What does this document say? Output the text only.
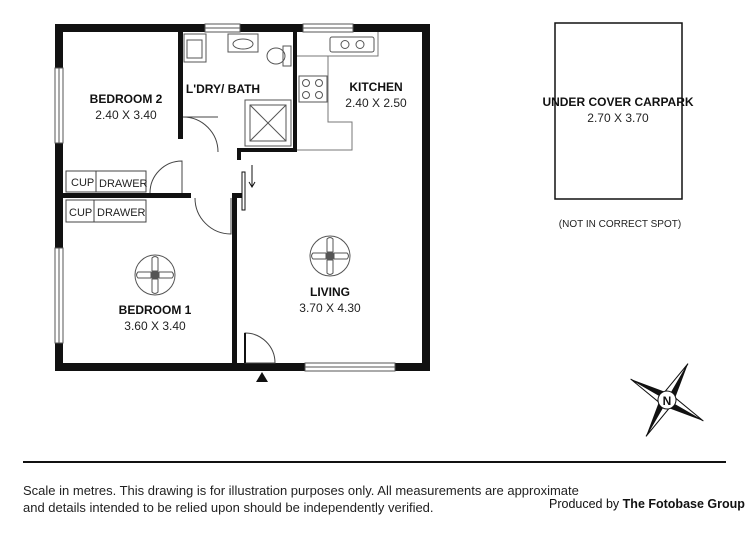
CUP DRAWER
CUP DRAWER
BEDROOM 2
2.40 X 3.40
L'DRY/ BATH	KITCHEN
2.40 X 2.50
BEDROOM 1
3.60 X 3.40
LIVING
3.70 X 4.30
UNDER COVER CARPARK
2.70 X 3.70
(NOT IN CORRECT SPOT)
N
Scale in metres. This drawing is for illustration purposes only. All measurements are approximate and details intended to be relied upon should be independently verified.	Produced by The Fotobase Group
